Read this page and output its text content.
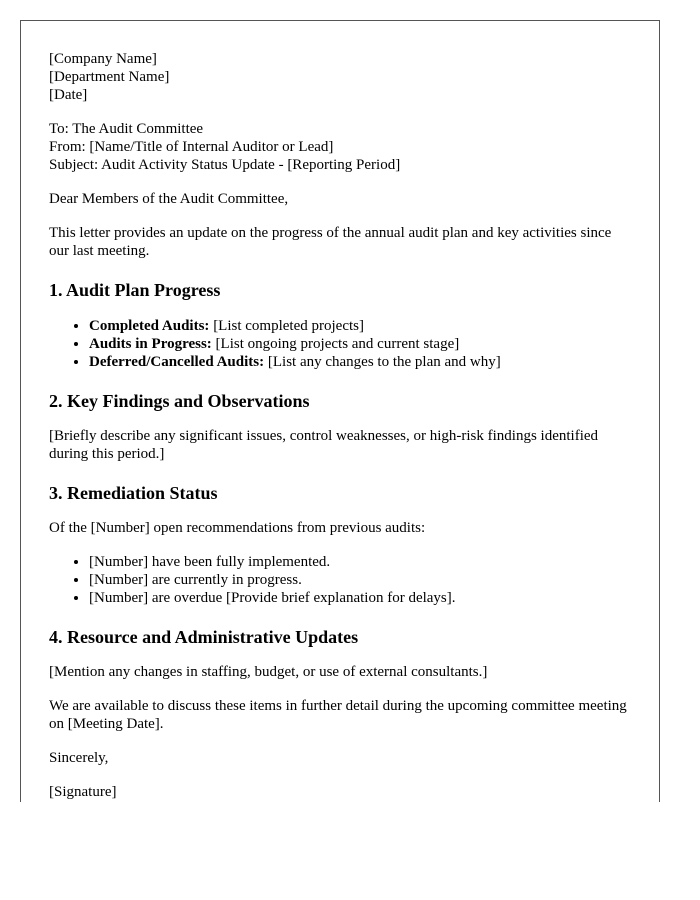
[Company Name]
[Department Name]
[Date]
To: The Audit Committee
From: [Name/Title of Internal Auditor or Lead]
Subject: Audit Activity Status Update - [Reporting Period]

Dear Members of the Audit Committee,

This letter provides an update on the progress of the annual audit plan and key activities since our last meeting.

1. Audit Plan Progress
• Completed Audits: [List completed projects]
• Audits in Progress: [List ongoing projects and current stage]
• Deferred/Cancelled Audits: [List any changes to the plan and why]
2. Key Findings and Observations

[Briefly describe any significant issues, control weaknesses, or high-risk findings identified during this period.]

3. Remediation Status

Of the [Number] open recommendations from previous audits:

• [Number] have been fully implemented.
• [Number] are currently in progress.
• [Number] are overdue [Provide brief explanation for delays].
4. Resource and Administrative Updates

[Mention any changes in staffing, budget, or use of external consultants.]

We are available to discuss these items in further detail during the upcoming committee meeting on [Meeting Date].

Sincerely,

[Signature]
